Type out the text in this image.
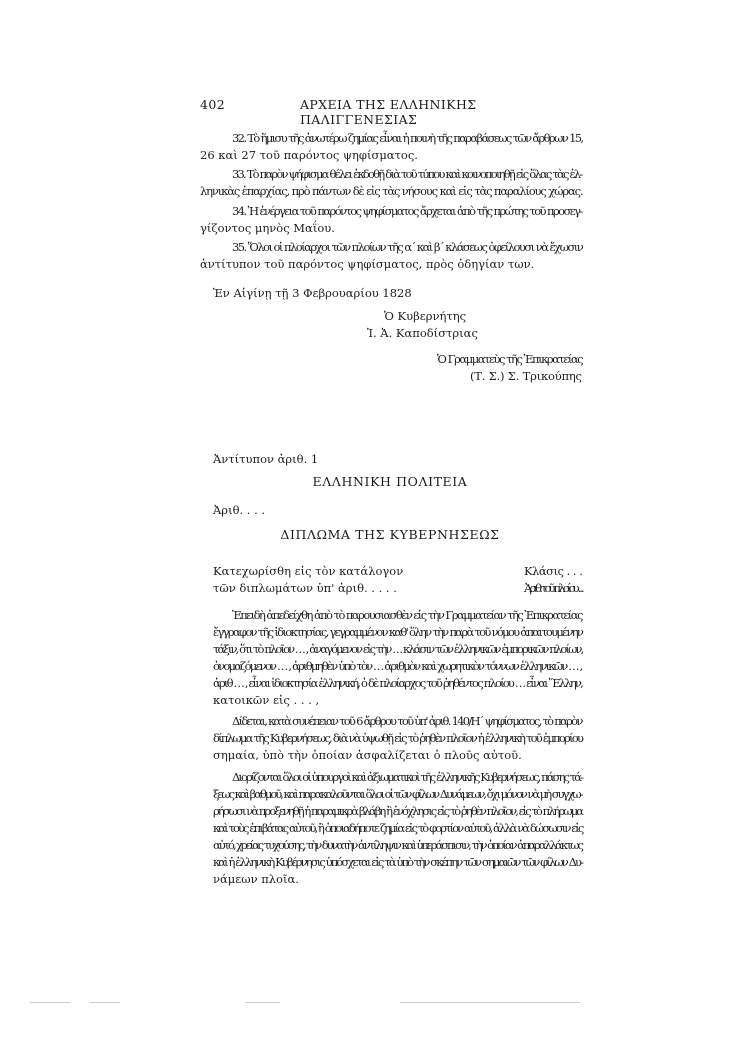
402	ΑΡΧΕΙΑ ΤΗΣ ΕΛΛΗΝΙΚΗΣ ΠΑΛΙΓΓΕΝΕΣΙΑΣ
32. Τὸ ἥμισυ τῆς ἀνωτέρω ζημίας εἶναι ἡ ποινὴ τῆς παραβάσεως τῶν ἄρθρων 15,
26 καὶ 27 τοῦ παρόντος ψηφίσματος.
33. Τὸ παρὸν ψήφισμα θέλει ἐκδοθῇ διὰ τοῦ τύπου καὶ κοινοποιηθῇ εἰς ὅλας τὰς ἑλ-
ληνικὰς ἐπαρχίας, πρὸ πάντων δὲ εἰς τὰς νήσους καὶ εἰς τὰς παραλίους χώρας.
34. Ἡ ἐνέργεια τοῦ παρόντος ψηφίσματος ἄρχεται ἀπὸ τῆς πρώτης τοῦ προσεγ-
γίζοντος μηνὸς Μαΐου.
35. Ὅλοι οἱ πλοίαρχοι τῶν πλοίων τῆς α΄ καὶ β΄ κλάσεως ὀφείλουσι νὰ ἔχωσιν
ἀντίτυπον τοῦ παρόντος ψηφίσματος, πρὸς ὁδηγίαν των.
Ἐν Αἰγίνῃ τῇ 3 Φεβρουαρίου 1828
Ὁ Κυβερνήτης
Ἰ. Ἀ. Καποδίστριας
Ὁ Γραμματεὺς τῆς Ἐπικρατείας
(Τ. Σ.) Σ. Τρικούπης
Ἀντίτυπον ἀριθ. 1
ΕΛΛΗΝΙΚΗ ΠΟΛΙΤΕΙΑ
Ἀριθ. . . .
ΔΙΠΛΩΜΑ ΤΗΣ ΚΥΒΕΡΝΗΣΕΩΣ
Κατεχωρίσθη εἰς τὸν κατάλογον
τῶν διπλωμάτων ὑπ' ἀριθ. . . . .
Κλάσις . . .
Ἀριθ. τοῦ πλοίου . . .
Ἐπειδὴ ἀπεδείχθη ἀπὸ τὸ παρουσιασθὲν εἰς τὴν Γραμματείαν τῆς Ἐπικρατείας
ἔγγραφον τῆς ἰδιοκτησίας, γεγραμμένον καθ' ὅλην τὴν παρὰ τοῦ νόμου ἀπαιτουμένην
τάξιν, ὅτι τὸ πλοῖον . . . , ἀναγόμενον εἰς τὴν . . . κλάσιν τῶν ἑλληνικῶν ἐμπορικῶν πλοίων,
ὀνομαζόμενον . . . , ἀριθμηθὲν ὑπὸ τὸν . . . ἀριθμὸν καὶ χωρητικὸν τόννων ἑλληνικῶν . . . ,
ἀριθ . . . , εἶναι ἰδιοκτησία ἑλληνική, ὁ δὲ πλοίαρχος τοῦ ῥηθέντος πλοίου . . . εἶναι Ἕλλην,
κατοικῶν εἰς . . . ,
Δίδεται, κατὰ συνέπειαν τοῦ 6 ἄρθρου τοῦ ὑπ' ἀριθ. 140/Η΄ ψηφίσματος, τὸ παρὸν
δίπλωμα τῆς Κυβερνήσεως, διὰ νὰ ὑψωθῇ εἰς τὸ ῥηθὲν πλοῖον ἡ ἑλληνικὴ τοῦ ἐμπορίου
σημαία, ὑπὸ τὴν ὁποίαν ἀσφαλίζεται ὁ πλοῦς αὐτοῦ.
Διορίζονται ὅλοι οἱ ὑπουργοὶ καὶ ἀξιωματικοὶ τῆς ἑλληνικῆς Κυβερνήσεως, πάσης τά-
ξεως καὶ βαθμοῦ, καὶ παρακαλοῦνται ὅλοι οἱ τῶν φίλων Δυνάμεων, ὄχι μόνον νὰ μὴ συγχω-
ρήσωσι νὰ προξενηθῇ ἡ παραμικρὰ βλάβη ἢ ἐνόχλησις εἰς τὸ ῥηθὲν πλοῖον, εἰς τὸ πλήρωμα
καὶ τοὺς ἐπιβάτας αὐτοῦ, ἢ ὁποιαδήποτε ζημία εἰς τὸ φορτίον αὐτοῦ, ἀλλὰ νὰ δώσωσιν εἰς
αὐτό, χρείας τυχούσης, τὴν δυνατὴν ἀντίληψιν καὶ ὑπεράσπισιν, τὴν ὁποίαν ἀπαραλλάκτως
καὶ ἡ ἑλληνικὴ Κυβέρνησις ὑπόσχεται εἰς τὰ ὑπὸ τὴν σκέπην τῶν σημαιῶν τῶν φίλων Δυ-
νάμεων πλοῖα.
